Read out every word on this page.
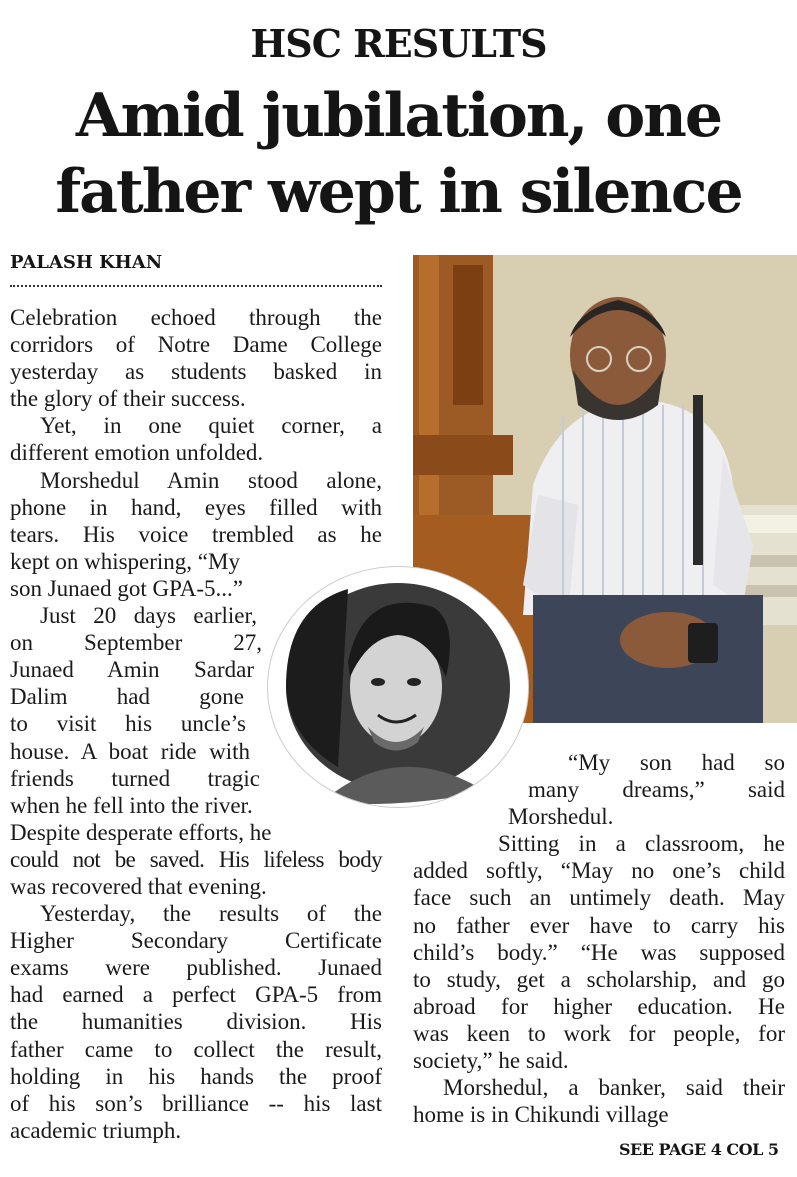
HSC RESULTS
Amid jubilation, one
father wept in silence
PALASH KHAN
Celebration echoed through the
corridors of Notre Dame College
yesterday as students basked in
the glory of their success.
Yet, in one quiet corner, a
different emotion unfolded.
Morshedul Amin stood alone,
phone in hand, eyes filled with
tears. His voice trembled as he
kept on whispering, “My
son Junaed got GPA-5...”
Just 20 days earlier,
on September 27,
Junaed Amin Sardar
Dalim had gone
to visit his uncle’s
house. A boat ride with
friends turned tragic
when he fell into the river.
Despite desperate efforts, he
could not be saved. His lifeless body
was recovered that evening.
Yesterday, the results of the
Higher Secondary Certificate
exams were published. Junaed
had earned a perfect GPA-5 from
the humanities division. His
father came to collect the result,
holding in his hands the proof
of his son’s brilliance -- his last
academic triumph.
“My son had so
many dreams,” said
Morshedul.
Sitting in a classroom, he
added softly, “May no one’s child
face such an untimely death. May
no father ever have to carry his
child’s body.” “He was supposed
to study, get a scholarship, and go
abroad for higher education. He
was keen to work for people, for
society,” he said.
Morshedul, a banker, said their
home is in Chikundi village
SEE PAGE 4 COL 5
